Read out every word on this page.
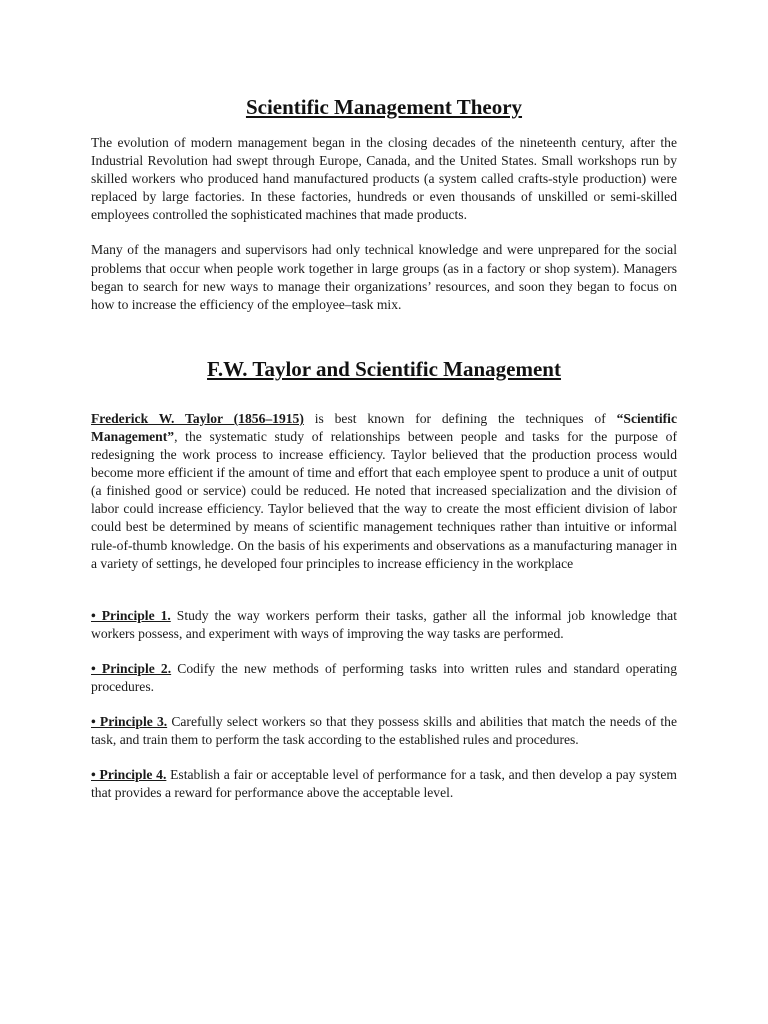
Scientific Management Theory

The evolution of modern management began in the closing decades of the nineteenth century, after the Industrial Revolution had swept through Europe, Canada, and the United States. Small workshops run by skilled workers who produced hand manufactured products (a system called crafts-style production) were replaced by large factories. In these factories, hundreds or even thousands of unskilled or semi-skilled employees controlled the sophisticated machines that made products.

Many of the managers and supervisors had only technical knowledge and were unprepared for the social problems that occur when people work together in large groups (as in a factory or shop system). Managers began to search for new ways to manage their organizations’ resources, and soon they began to focus on how to increase the efficiency of the employee–task mix.

F.W. Taylor and Scientific Management

Frederick W. Taylor (1856–1915) is best known for defining the techniques of “Scientific Management”, the systematic study of relationships between people and tasks for the purpose of redesigning the work process to increase efficiency. Taylor believed that the production process would become more efficient if the amount of time and effort that each employee spent to produce a unit of output (a finished good or service) could be reduced. He noted that increased specialization and the division of labor could increase efficiency. Taylor believed that the way to create the most efficient division of labor could best be determined by means of scientific management techniques rather than intuitive or informal rule-of-thumb knowledge. On the basis of his experiments and observations as a manufacturing manager in a variety of settings, he developed four principles to increase efficiency in the workplace

• Principle 1. Study the way workers perform their tasks, gather all the informal job knowledge that workers possess, and experiment with ways of improving the way tasks are performed.

• Principle 2. Codify the new methods of performing tasks into written rules and standard operating procedures.

• Principle 3. Carefully select workers so that they possess skills and abilities that match the needs of the task, and train them to perform the task according to the established rules and procedures.

• Principle 4. Establish a fair or acceptable level of performance for a task, and then develop a pay system that provides a reward for performance above the acceptable level.
